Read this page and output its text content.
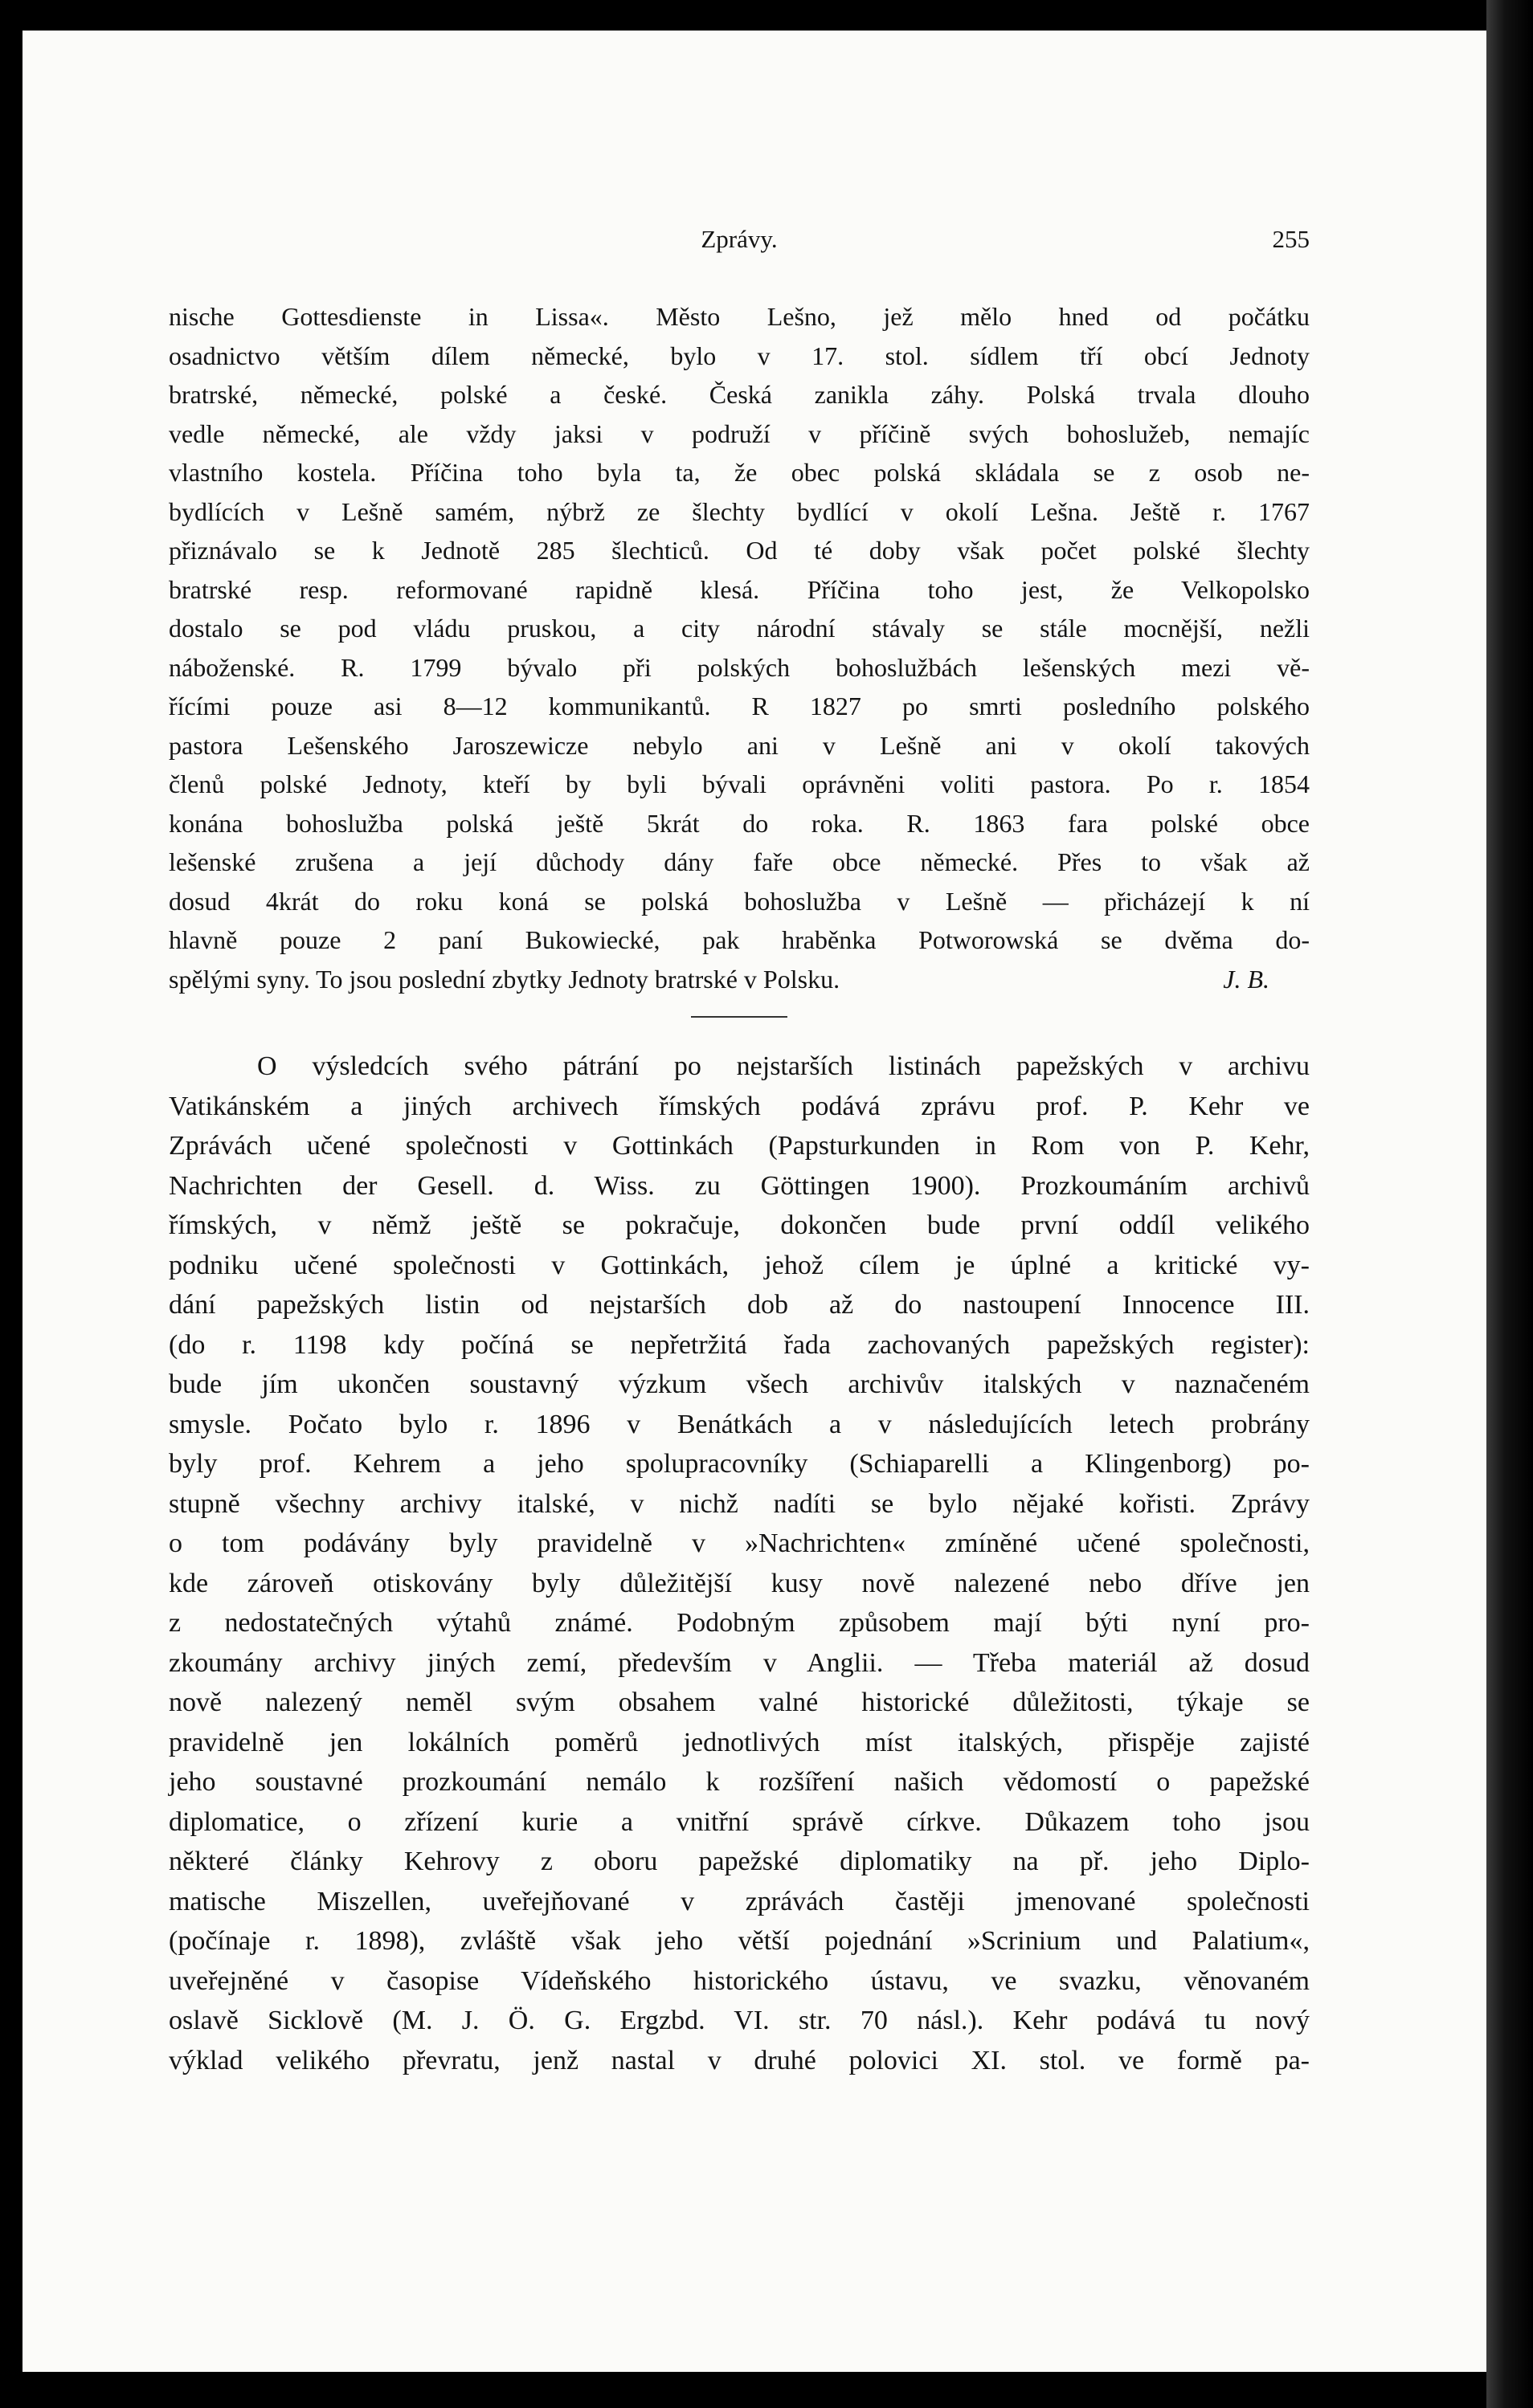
Zprávy.	255
nische Gottesdienste in Lissa«. Město Lešno, jež mělo hned od počátku
osadnictvo větším dílem německé, bylo v 17. stol. sídlem tří obcí Jednoty
bratrské, německé, polské a české. Česká zanikla záhy. Polská trvala dlouho
vedle německé, ale vždy jaksi v podruží v příčině svých bohoslužeb, nemajíc
vlastního kostela. Příčina toho byla ta, že obec polská skládala se z osob ne-
bydlících v Lešně samém, nýbrž ze šlechty bydlící v okolí Lešna. Ještě r. 1767
přiznávalo se k Jednotě 285 šlechticů. Od té doby však počet polské šlechty
bratrské resp. reformované rapidně klesá. Příčina toho jest, že Velkopolsko
dostalo se pod vládu pruskou, a city národní stávaly se stále mocnější, nežli
náboženské. R. 1799 bývalo při polských bohoslužbách lešenských mezi vě-
řícími pouze asi 8—12 kommunikantů. R 1827 po smrti posledního polského
pastora Lešenského Jaroszewicze nebylo ani v Lešně ani v okolí takových
členů polské Jednoty, kteří by byli bývali oprávněni voliti pastora. Po r. 1854
konána bohoslužba polská ještě 5krát do roka. R. 1863 fara polské obce
lešenské zrušena a její důchody dány faře obce německé. Přes to však až
dosud 4krát do roku koná se polská bohoslužba v Lešně — přicházejí k ní
hlavně pouze 2 paní Bukowiecké, pak hraběnka Potworowská se dvěma do-
spělými syny. To jsou poslední zbytky Jednoty bratrské v Polsku.	J. B.
O výsledcích svého pátrání po nejstarších listinách papežských v archivu
Vatikánském a jiných archivech římských podává zprávu prof. P. Kehr ve
Zprávách učené společnosti v Gottinkách (Papsturkunden in Rom von P. Kehr,
Nachrichten der Gesell. d. Wiss. zu Göttingen 1900). Prozkoumáním archivů
římských, v němž ještě se pokračuje, dokončen bude první oddíl velikého
podniku učené společnosti v Gottinkách, jehož cílem je úplné a kritické vy-
dání papežských listin od nejstarších dob až do nastoupení Innocence III.
(do r. 1198 kdy počíná se nepřetržitá řada zachovaných papežských register):
bude jím ukončen soustavný výzkum všech archivův italských v naznačeném
smysle. Počato bylo r. 1896 v Benátkách a v následujících letech probrány
byly prof. Kehrem a jeho spolupracovníky (Schiaparelli a Klingenborg) po-
stupně všechny archivy italské, v nichž nadíti se bylo nějaké kořisti. Zprávy
o tom podávány byly pravidelně v »Nachrichten« zmíněné učené společnosti,
kde zároveň otiskovány byly důležitější kusy nově nalezené nebo dříve jen
z nedostatečných výtahů známé. Podobným způsobem mají býti nyní pro-
zkoumány archivy jiných zemí, především v Anglii. — Třeba materiál až dosud
nově nalezený neměl svým obsahem valné historické důležitosti, týkaje se
pravidelně jen lokálních poměrů jednotlivých míst italských, přispěje zajisté
jeho soustavné prozkoumání nemálo k rozšíření našich vědomostí o papežské
diplomatice, o zřízení kurie a vnitřní správě církve. Důkazem toho jsou
některé články Kehrovy z oboru papežské diplomatiky na př. jeho Diplo-
matische Miszellen, uveřejňované v zprávách častěji jmenované společnosti
(počínaje r. 1898), zvláště však jeho větší pojednání »Scrinium und Palatium«,
uveřejněné v časopise Vídeňského historického ústavu, ve svazku, věnovaném
oslavě Sicklově (M. J. Ö. G. Ergzbd. VI. str. 70 násl.). Kehr podává tu nový
výklad velikého převratu, jenž nastal v druhé polovici XI. stol. ve formě pa-
